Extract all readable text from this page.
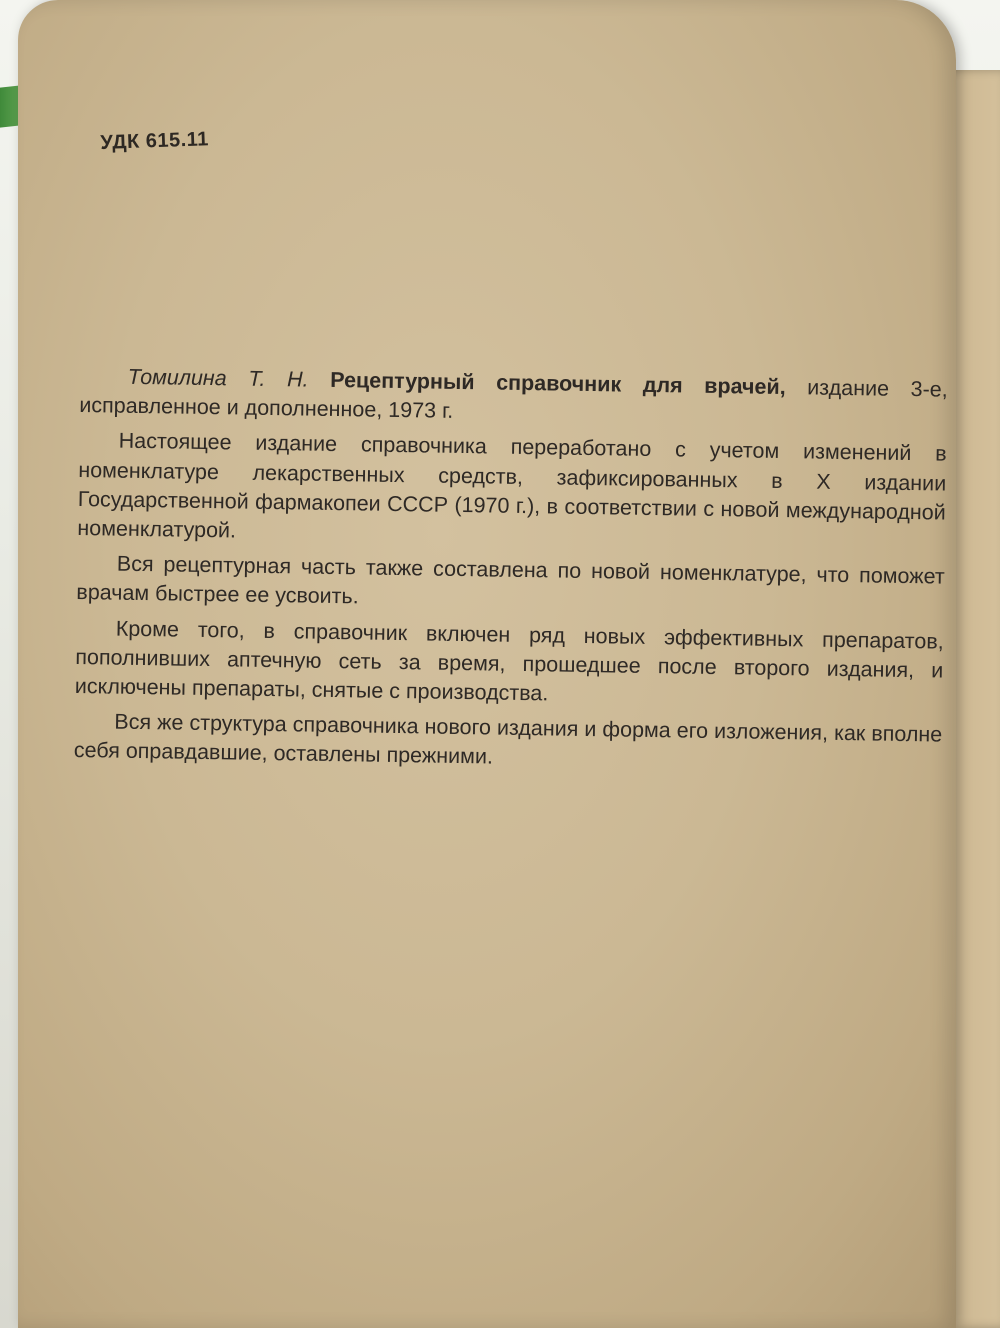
УДК 615.11

Томилина Т. Н. Рецептурный справочник для врачей, издание 3-е, исправленное и дополненное, 1973 г.

Настоящее издание справочника переработано с учетом изменений в номенклатуре лекарственных средств, зафиксированных в X издании Государственной фармакопеи СССР (1970 г.), в соответствии с новой международной номенклатурой.

Вся рецептурная часть также составлена по новой номенклатуре, что поможет врачам быстрее ее усвоить.

Кроме того, в справочник включен ряд новых эффективных препаратов, пополнивших аптечную сеть за время, прошедшее после второго издания, и исключены препараты, снятые с производства.

Вся же структура справочника нового издания и форма его изложения, как вполне себя оправдавшие, оставлены прежними.
